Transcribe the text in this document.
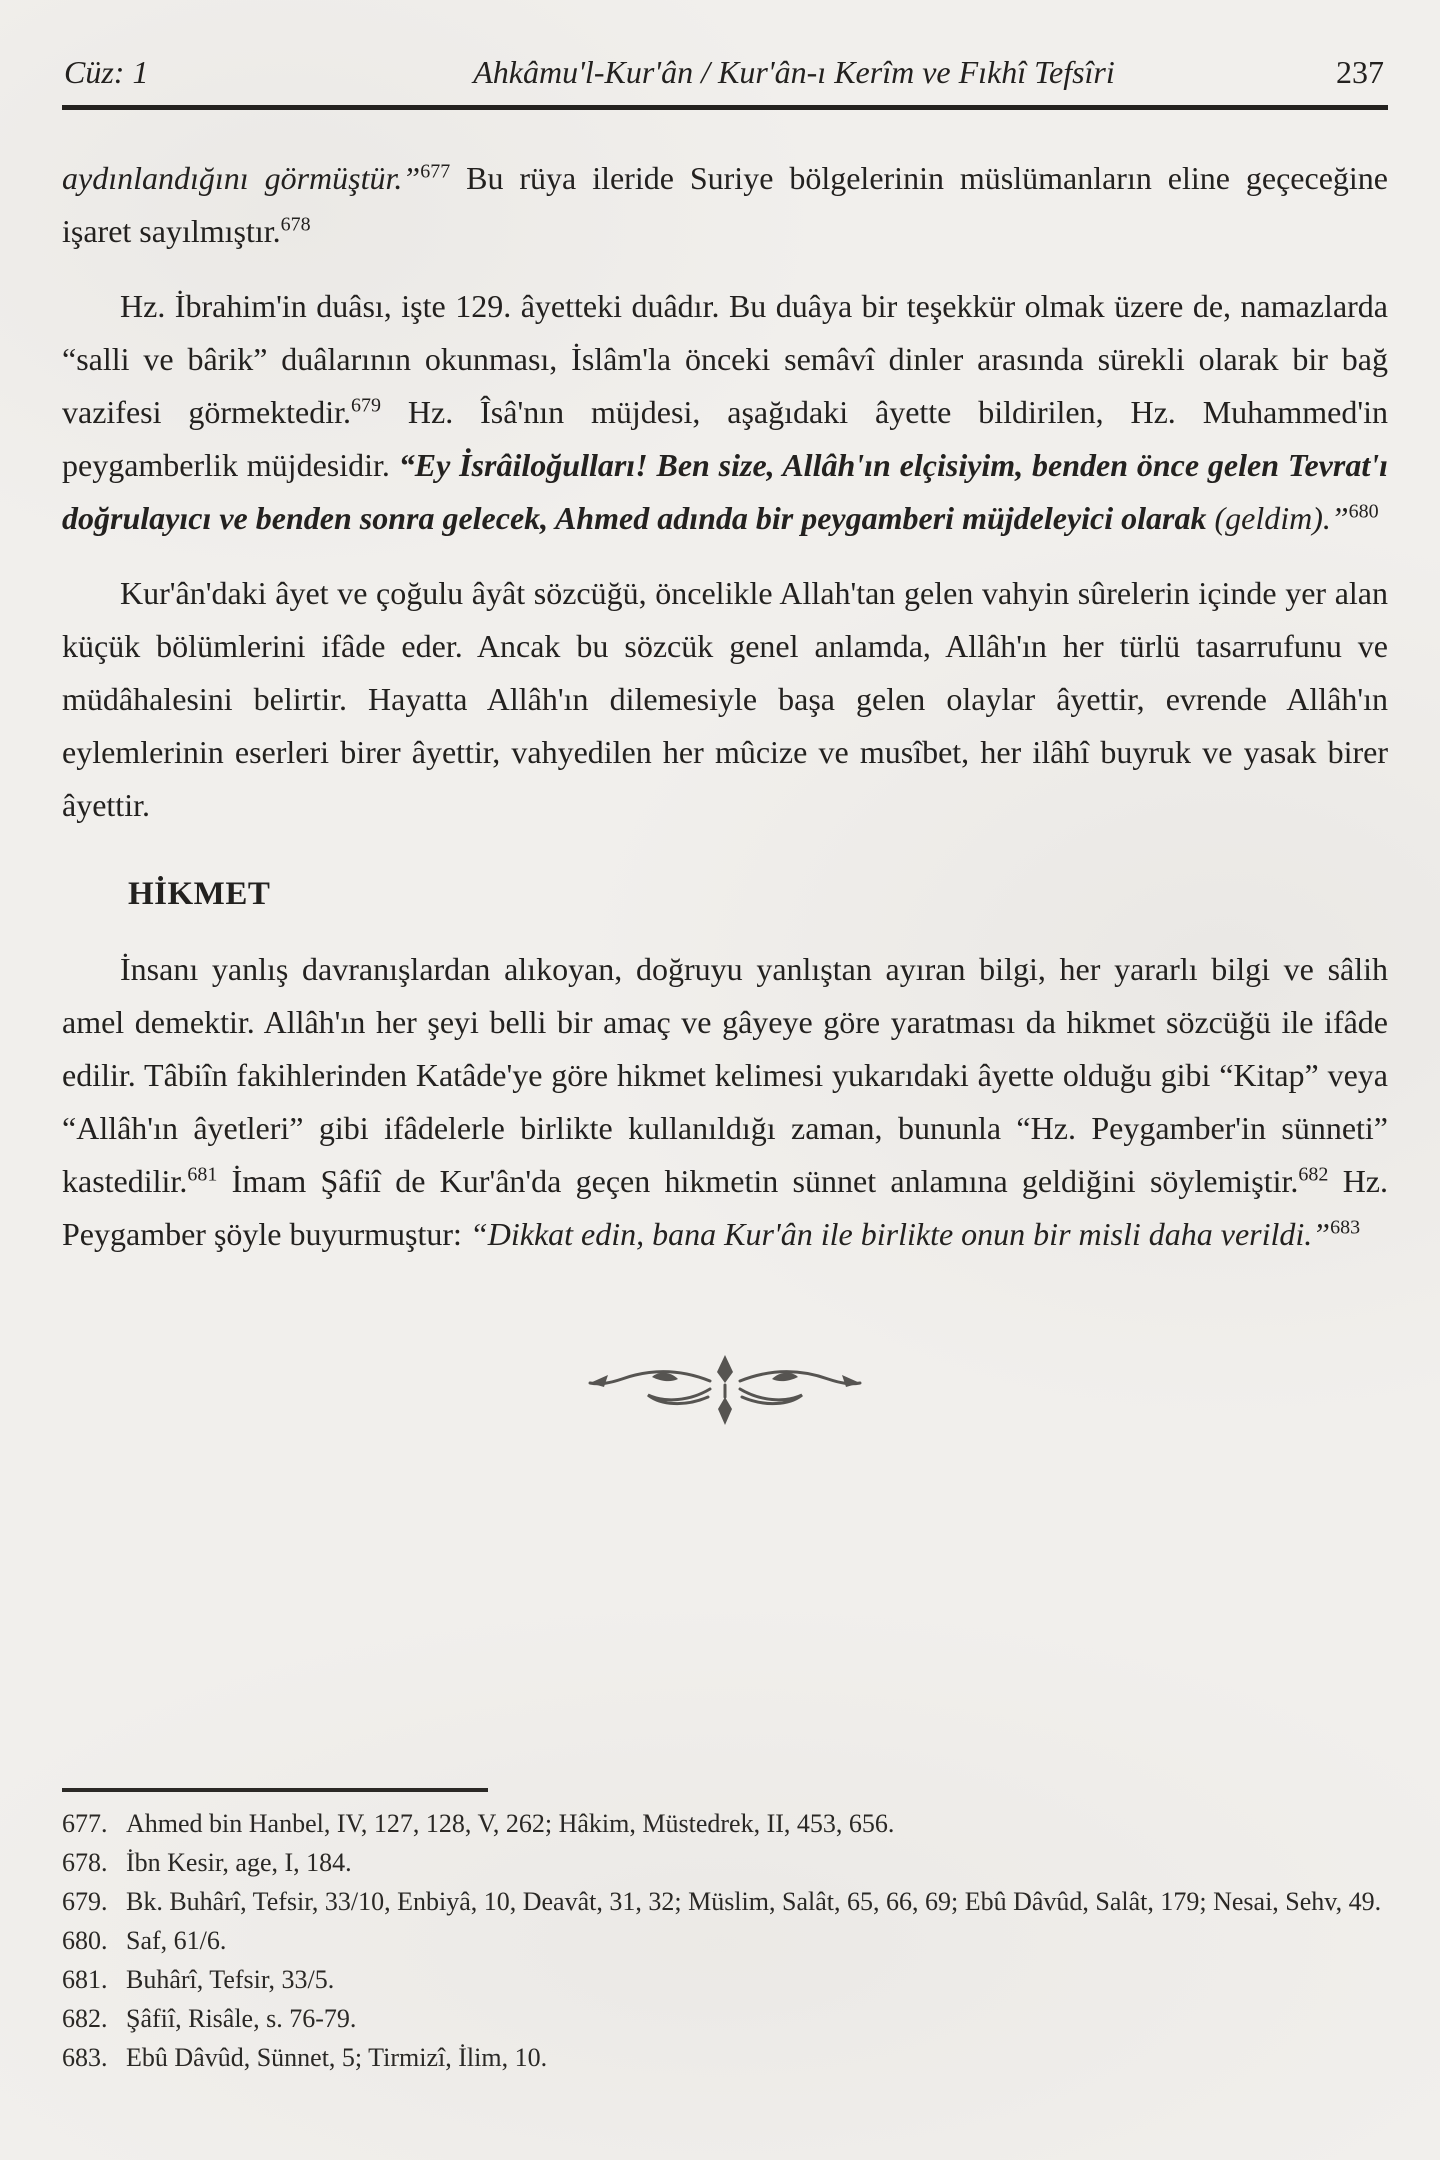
Cüz: 1	Ahkâmu'l-Kur'ân / Kur'ân-ı Kerîm ve Fıkhî Tefsîri	237

aydınlandığını görmüştür.”$^{677}$ Bu rüya ileride Suriye bölgelerinin müslümanların eline geçeceğine işaret sayılmıştır.$^{678}$

Hz. İbrahim'in duâsı, işte 129. âyetteki duâdır. Bu duâya bir teşekkür olmak üzere de, namazlarda “salli ve bârik” duâlarının okunması, İslâm'la önceki semâvî dinler arasında sürekli olarak bir bağ vazifesi görmektedir.$^{679}$ Hz. Îsâ'nın müjdesi, aşağıdaki âyette bildirilen, Hz. Muhammed'in peygamberlik müjdesidir. “Ey İsrâiloğulları! Ben size, Allâh'ın elçisiyim, benden önce gelen Tevrat'ı doğrulayıcı ve benden sonra gelecek, Ahmed adında bir peygamberi müjdeleyici olarak (geldim).”$^{680}$

Kur'ân'daki âyet ve çoğulu âyât sözcüğü, öncelikle Allah'tan gelen vahyin sûrelerin içinde yer alan küçük bölümlerini ifâde eder. Ancak bu sözcük genel anlamda, Allâh'ın her türlü tasarrufunu ve müdâhalesini belirtir. Hayatta Allâh'ın dilemesiyle başa gelen olaylar âyettir, evrende Allâh'ın eylemlerinin eserleri birer âyettir, vahyedilen her mûcize ve musîbet, her ilâhî buyruk ve yasak birer âyettir.

HİKMET

İnsanı yanlış davranışlardan alıkoyan, doğruyu yanlıştan ayıran bilgi, her yararlı bilgi ve sâlih amel demektir. Allâh'ın her şeyi belli bir amaç ve gâyeye göre yaratması da hikmet sözcüğü ile ifâde edilir. Tâbiîn fakihlerinden Katâde'ye göre hikmet kelimesi yukarıdaki âyette olduğu gibi “Kitap” veya “Allâh'ın âyetleri” gibi ifâdelerle birlikte kullanıldığı zaman, bununla “Hz. Peygamber'in sünneti” kastedilir.$^{681}$ İmam Şâfiî de Kur'ân'da geçen hikmetin sünnet anlamına geldiğini söylemiştir.$^{682}$ Hz. Peygamber şöyle buyurmuştur: “Dikkat edin, bana Kur'ân ile birlikte onun bir misli daha verildi.”$^{683}$

677. Ahmed bin Hanbel, IV, 127, 128, V, 262; Hâkim, Müstedrek, II, 453, 656.
678. İbn Kesir, age, I, 184.
679. Bk. Buhârî, Tefsir, 33/10, Enbiyâ, 10, Deavât, 31, 32; Müslim, Salât, 65, 66, 69; Ebû Dâvûd, Salât, 179; Nesai, Sehv, 49.
680. Saf, 61/6.
681. Buhârî, Tefsir, 33/5.
682. Şâfiî, Risâle, s. 76-79.
683. Ebû Dâvûd, Sünnet, 5; Tirmizî, İlim, 10.
